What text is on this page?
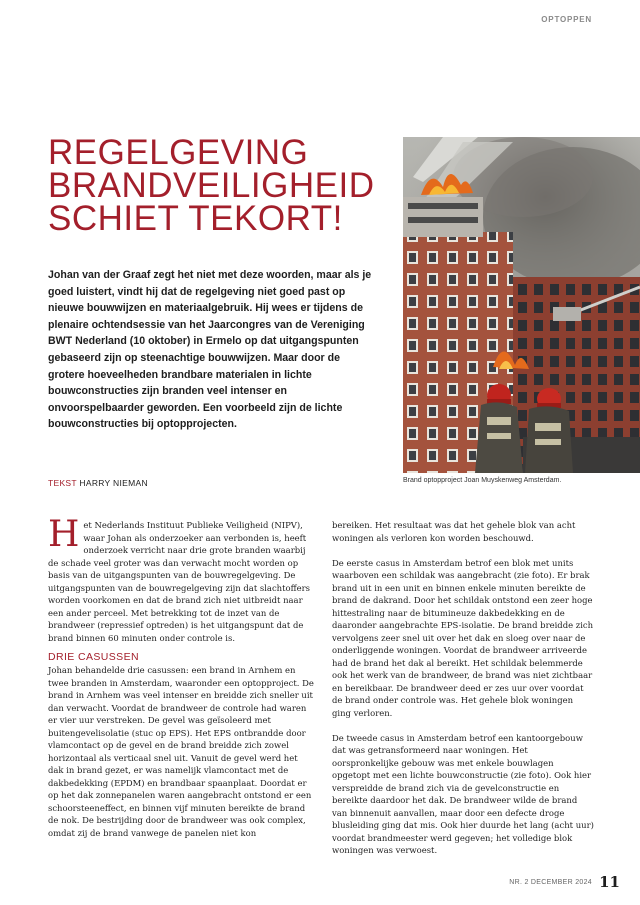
OPTOPPEN
REGELGEVING
BRANDVEILIGHEID
SCHIET TEKORT!

Johan van der Graaf zegt het niet met deze woorden, maar als je goed luistert, vindt hij dat de regelgeving niet goed past op nieuwe bouwwijzen en materiaalgebruik. Hij wees er tijdens de plenaire ochtendsessie van het Jaarcongres van de Vereniging BWT Nederland (10 oktober) in Ermelo op dat uitgangspunten gebaseerd zijn op steenachtige bouwwijzen. Maar door de grotere hoeveelheden brandbare materialen in lichte bouwconstructies zijn branden veel intenser en onvoorspelbaarder geworden. Een voorbeeld zijn de lichte bouwconstructies bij optopprojecten.

TEKST HARRY NIEMAN
FOTO: BRANDWEER AMSTERDAM-AMSTELLAND
Brand optopproject Joan Muyskenweg Amsterdam.

Het Nederlands Instituut Publieke Veiligheid (NIPV), waar Johan als onderzoeker aan verbonden is, heeft onderzoek verricht naar drie grote branden waarbij de schade veel groter was dan verwacht mocht worden op basis van de uitgangspunten van de bouwregelgeving. De uitgangspunten van de bouwregelgeving zijn dat slachtoffers worden voorkomen en dat de brand zich niet uitbreidt naar een ander perceel. Met betrekking tot de inzet van de brandweer (repressief optreden) is het uitgangspunt dat de brand binnen 60 minuten onder controle is.

DRIE CASUSSEN

Johan behandelde drie casussen: een brand in Arnhem en twee branden in Amsterdam, waaronder een optopproject. De brand in Arnhem was veel intenser en breidde zich sneller uit dan verwacht. Voordat de brandweer de controle had waren er vier uur verstreken. De gevel was geïsoleerd met buitengevelisolatie (stuc op EPS). Het EPS ontbrandde door vlamcontact op de gevel en de brand breidde zich zowel horizontaal als verticaal snel uit. Vanuit de gevel werd het dak in brand gezet, er was namelijk vlamcontact met de dakbedekking (EPDM) en brandbaar spaanplaat. Doordat er op het dak zonnepanelen waren aangebracht ontstond er een schoorsteeneffect, en binnen vijf minuten bereikte de brand de nok. De bestrijding door de brandweer was ook complex, omdat zij de brand vanwege de panelen niet kon

bereiken. Het resultaat was dat het gehele blok van acht woningen als verloren kon worden beschouwd.

De eerste casus in Amsterdam betrof een blok met units waarboven een schildak was aangebracht (zie foto). Er brak brand uit in een unit en binnen enkele minuten bereikte de brand de dakrand. Door het schildak ontstond een zeer hoge hittestraling naar de bitumineuze dakbedekking en de daaronder aangebrachte EPS-isolatie. De brand breidde zich vervolgens zeer snel uit over het dak en sloeg over naar de onderliggende woningen. Voordat de brandweer arriveerde had de brand het dak al bereikt. Het schildak belemmerde ook het werk van de brandweer, de brand was niet zichtbaar en bereikbaar. De brandweer deed er zes uur over voordat de brand onder controle was. Het gehele blok woningen ging verloren.

De tweede casus in Amsterdam betrof een kantoorgebouw dat was getransformeerd naar woningen. Het oorspronkelijke gebouw was met enkele bouwlagen opgetopt met een lichte bouwconstructie (zie foto). Ook hier verspreidde de brand zich via de gevelconstructie en bereikte daardoor het dak. De brandweer wilde de brand van binnenuit aanvallen, maar door een defecte droge blusleiding ging dat mis. Ook hier duurde het lang (acht uur) voordat brandmeester werd gegeven; het volledige blok woningen was verwoest.

NR. 2 DECEMBER 2024 11
